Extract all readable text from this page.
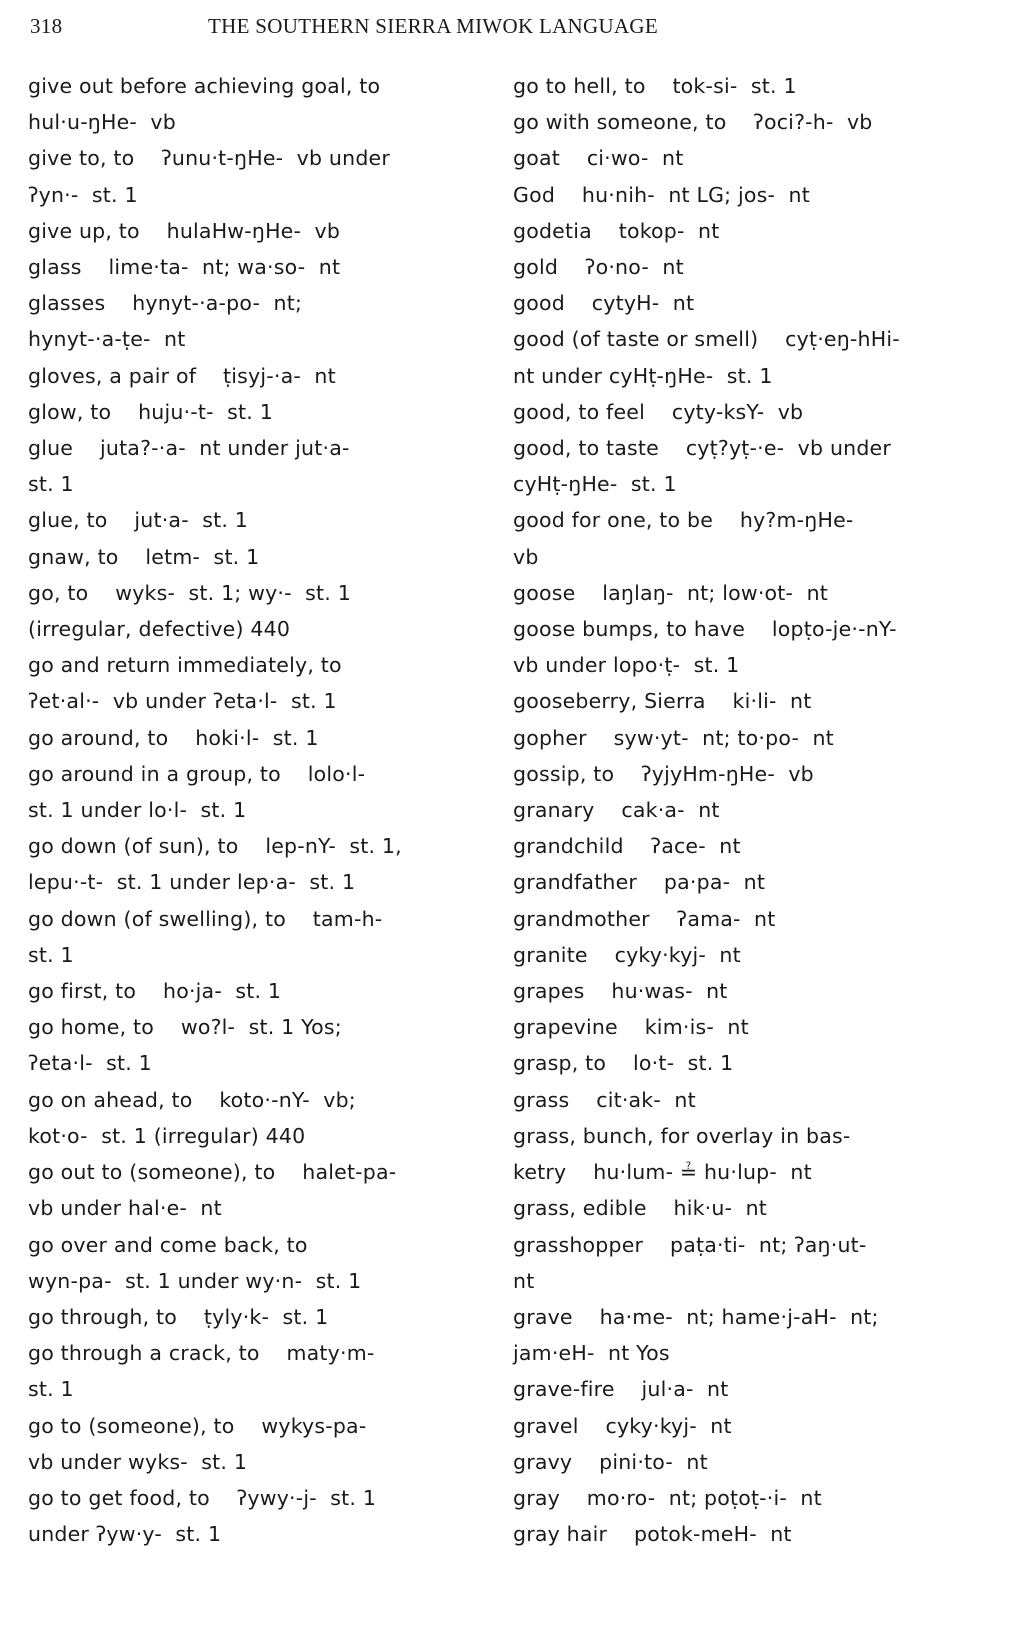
318	THE SOUTHERN SIERRA MIWOK LANGUAGE
give out before achieving goal, to
hul·u-ŋHe-  vb
give to, to    ʔunu·t-ŋHe-  vb under
ʔyn·-  st. 1
give up, to    hulaHw-ŋHe-  vb
glass    lime·ta-  nt; wa·so-  nt
glasses    hynyt-·a-po-  nt;
hynyt-·a-ṭe-  nt
gloves, a pair of    ṭisyj-·a-  nt
glow, to    huju·-t-  st. 1
glue    juta?-·a-  nt under jut·a-
st. 1
glue, to    jut·a-  st. 1
gnaw, to    letm-  st. 1
go, to    wyks-  st. 1; wy·-  st. 1
(irregular, defective) 440
go and return immediately, to
ʔet·al·-  vb under ʔeta·l-  st. 1
go around, to    hoki·l-  st. 1
go around in a group, to    lolo·l-
st. 1 under lo·l-  st. 1
go down (of sun), to    lep-nY-  st. 1,
lepu·-t-  st. 1 under lep·a-  st. 1
go down (of swelling), to    tam-h-
st. 1
go first, to    ho·ja-  st. 1
go home, to    wo?l-  st. 1 Yos;
ʔeta·l-  st. 1
go on ahead, to    koto·-nY-  vb;
kot·o-  st. 1 (irregular) 440
go out to (someone), to    halet-pa-
vb under hal·e-  nt
go over and come back, to
wyn-pa-  st. 1 under wy·n-  st. 1
go through, to    ṭyly·k-  st. 1
go through a crack, to    maty·m-
st. 1
go to (someone), to    wykys-pa-
vb under wyks-  st. 1
go to get food, to    ʔywy·-j-  st. 1
under ʔyw·y-  st. 1
go to hell, to    tok-si-  st. 1
go with someone, to    ʔoci?-h-  vb
goat    ci·wo-  nt
God    hu·nih-  nt LG; jos-  nt
godetia    tokop-  nt
gold    ʔo·no-  nt
good    cytyH-  nt
good (of taste or smell)    cyṭ·eŋ-hHi-
nt under cyHṭ-ŋHe-  st. 1
good, to feel    cyty-ksY-  vb
good, to taste    cyṭ?yṭ-·e-  vb under
cyHṭ-ŋHe-  st. 1
good for one, to be    hy?m-ŋHe-
vb
goose    laŋlaŋ-  nt; low·ot-  nt
goose bumps, to have    lopṭo-je·-nY-
vb under lopo·ṭ-  st. 1
gooseberry, Sierra    ki·li-  nt
gopher    syw·yt-  nt; to·po-  nt
gossip, to    ʔyjyHm-ŋHe-  vb
granary    cak·a-  nt
grandchild    ʔace-  nt
grandfather    pa·pa-  nt
grandmother    ʔama-  nt
granite    cyky·kyj-  nt
grapes    hu·was-  nt
grapevine    kim·is-  nt
grasp, to    lo·t-  st. 1
grass    cit·ak-  nt
grass, bunch, for overlay in bas-
ketry    hu·lum- ≟ hu·lup-  nt
grass, edible    hik·u-  nt
grasshopper    paṭa·ti-  nt; ʔaŋ·ut-
nt
grave    ha·me-  nt; hame·j-aH-  nt;
jam·eH-  nt Yos
grave-fire    jul·a-  nt
gravel    cyky·kyj-  nt
gravy    pini·to-  nt
gray    mo·ro-  nt; poṭoṭ-·i-  nt
gray hair    potok-meH-  nt
